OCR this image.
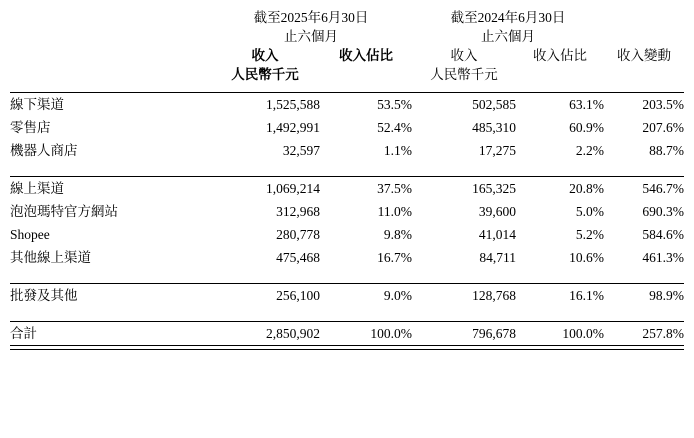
	截至2025年6月30日		截至2024年6月30日		
	止六個月		止六個月		
	收入	收入佔比	收入	收入佔比	收入變動
	人民幣千元		人民幣千元		

線下渠道	1,525,588	53.5%	502,585	63.1%	203.5%
零售店	1,492,991	52.4%	485,310	60.9%	207.6%
機器人商店	32,597	1.1%	17,275	2.2%	88.7%

線上渠道	1,069,214	37.5%	165,325	20.8%	546.7%
泡泡瑪特官方網站	312,968	11.0%	39,600	5.0%	690.3%
Shopee	280,778	9.8%	41,014	5.2%	584.6%
其他線上渠道	475,468	16.7%	84,711	10.6%	461.3%

批發及其他	256,100	9.0%	128,768	16.1%	98.9%

合計	2,850,902	100.0%	796,678	100.0%	257.8%
